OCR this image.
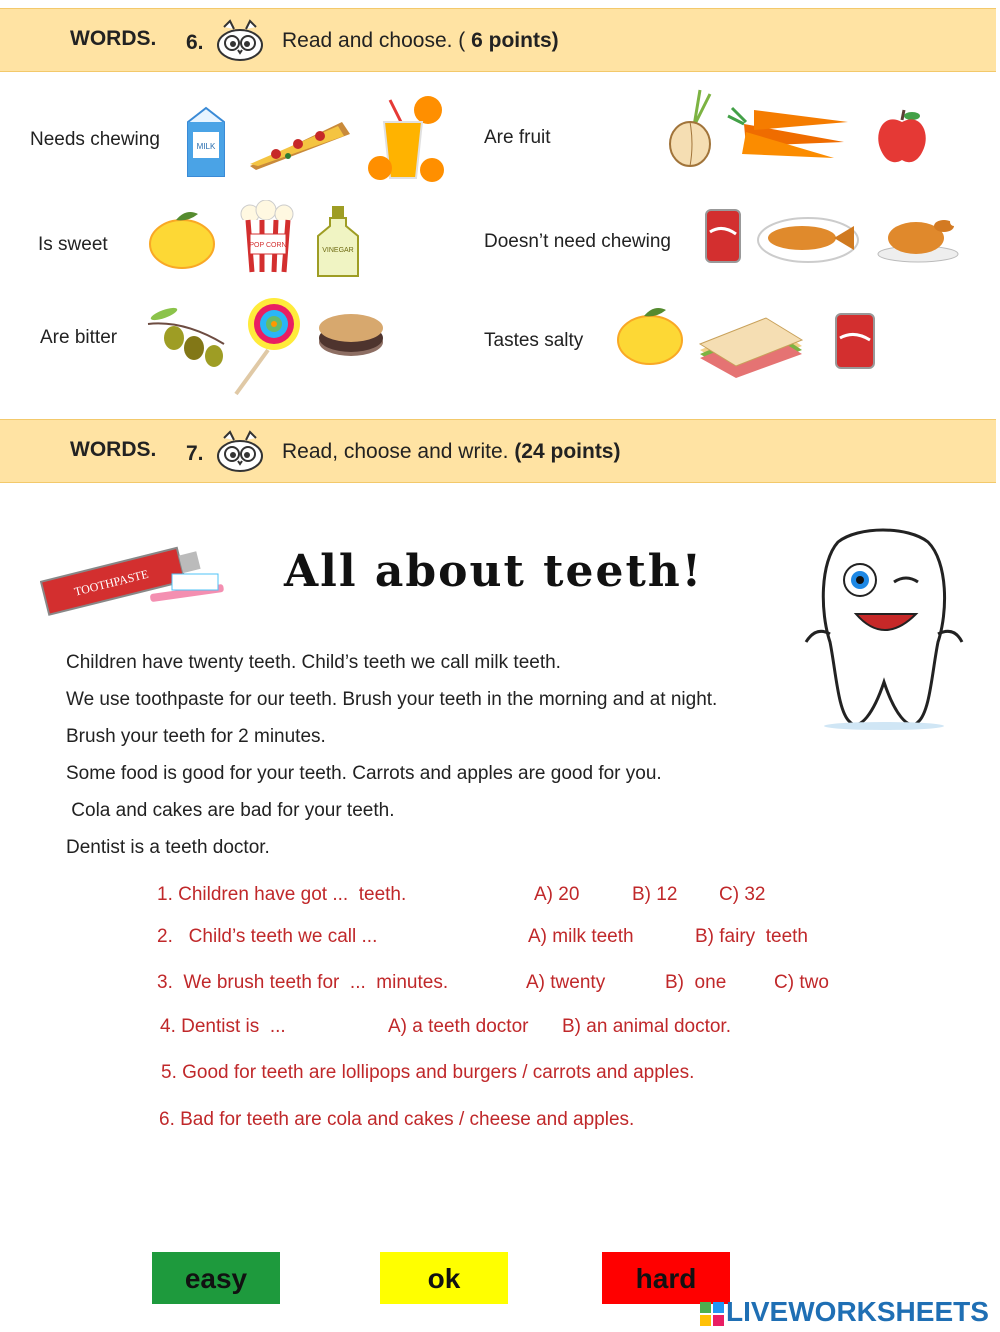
WORDS. 6.	Read and choose. ( 6 points)
Needs chewing	Are fruit
Is sweet	Doesn’t need chewing
Are bitter	Tastes salty
MILK
POP CORN
VINEGAR
WORDS. 7.	Read, choose and write. (24 points)
TOOTHPASTE	All about teeth!
Children have twenty teeth. Child’s teeth we call milk teeth.
We use toothpaste for our teeth. Brush your teeth in the morning and at night.
Brush your teeth for 2 minutes.
Some food is good for your teeth. Carrots and apples are good for you.
Cola and cakes are bad for your teeth.
Dentist is a teeth doctor.
1. Children have got ...  teeth.	A) 20	B) 12 C) 32
2.   Child’s teeth we call ...	A) milk teeth	B) fairy  teeth
3.  We brush teeth for  ...  minutes.	A) twenty	B)  one	C) two
4. Dentist is  ...	A) a teeth doctor B) an animal doctor.
5. Good for teeth are lollipops and burgers / carrots and apples.
6. Bad for teeth are cola and cakes / cheese and apples.
easy	ok	hard
LIVEWORKSHEETS
